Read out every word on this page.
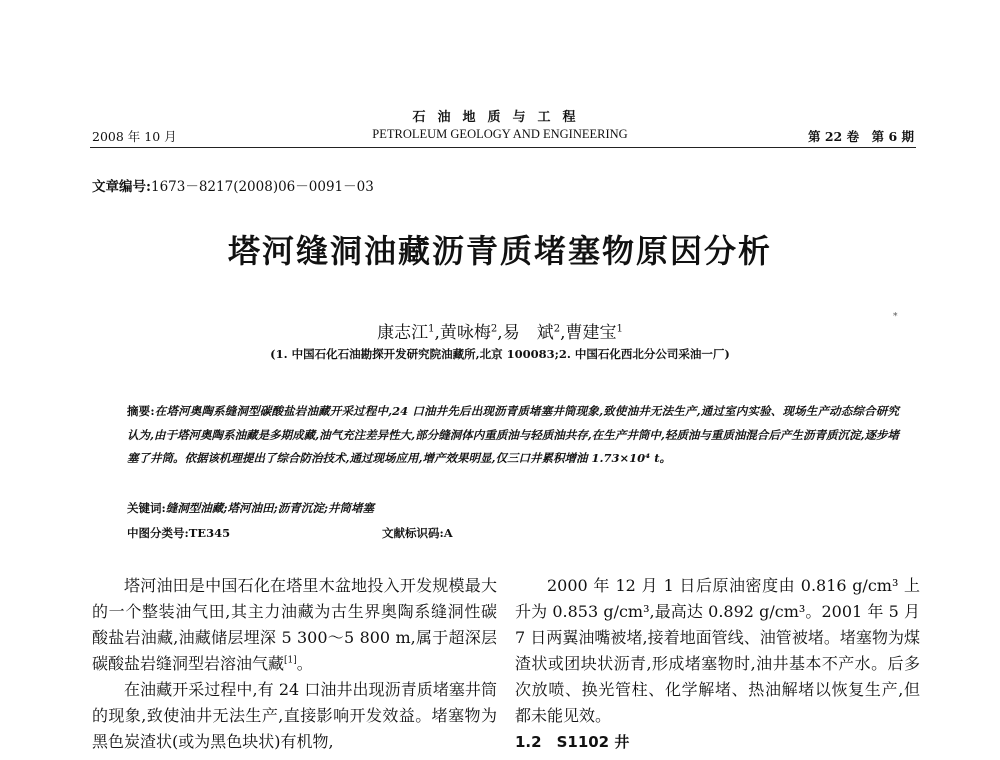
石油地质与工程
2008 年 10 月	PETROLEUM GEOLOGY AND ENGINEERING	第 22 卷　第 6 期
文章编号:1673－8217(2008)06－0091－03
塔河缝洞油藏沥青质堵塞物原因分析
*
康志江$^1$,黄咏梅$^2$,易　斌$^2$,曹建宝$^1$
(1. 中国石化石油勘探开发研究院油藏所,北京 100083;2. 中国石化西北分公司采油一厂)
摘要:在塔河奥陶系缝洞型碳酸盐岩油藏开采过程中,24 口油井先后出现沥青质堵塞井筒现象,致使油井无法生产,通过室内实验、现场生产动态综合研究认为,由于塔河奥陶系油藏是多期成藏,油气充注差异性大,部分缝洞体内重质油与轻质油共存,在生产井筒中,轻质油与重质油混合后产生沥青质沉淀,逐步堵塞了井筒。依据该机理提出了综合防治技术,通过现场应用,增产效果明显,仅三口井累积增油 1.73×10⁴ t。
关键词:缝洞型油藏;塔河油田;沥青沉淀;井筒堵塞
中图分类号:TE345	文献标识码:A

塔河油田是中国石化在塔里木盆地投入开发规模最大的一个整装油气田,其主力油藏为古生界奥陶系缝洞性碳酸盐岩油藏,油藏储层埋深 5 300～5 800 m,属于超深层碳酸盐岩缝洞型岩溶油气藏[1]。

在油藏开采过程中,有 24 口油井出现沥青质堵塞井筒的现象,致使油井无法生产,直接影响开发效益。堵塞物为黑色炭渣状(或为黑色块状)有机物,

2000 年 12 月 1 日后原油密度由 0.816 g/cm³ 上升为 0.853 g/cm³,最高达 0.892 g/cm³。2001 年 5 月 7 日两翼油嘴被堵,接着地面管线、油管被堵。堵塞物为煤渣状或团块状沥青,形成堵塞物时,油井基本不产水。后多次放喷、换光管柱、化学解堵、热油解堵以恢复生产,但都未能见效。

1.2　S1102 井
